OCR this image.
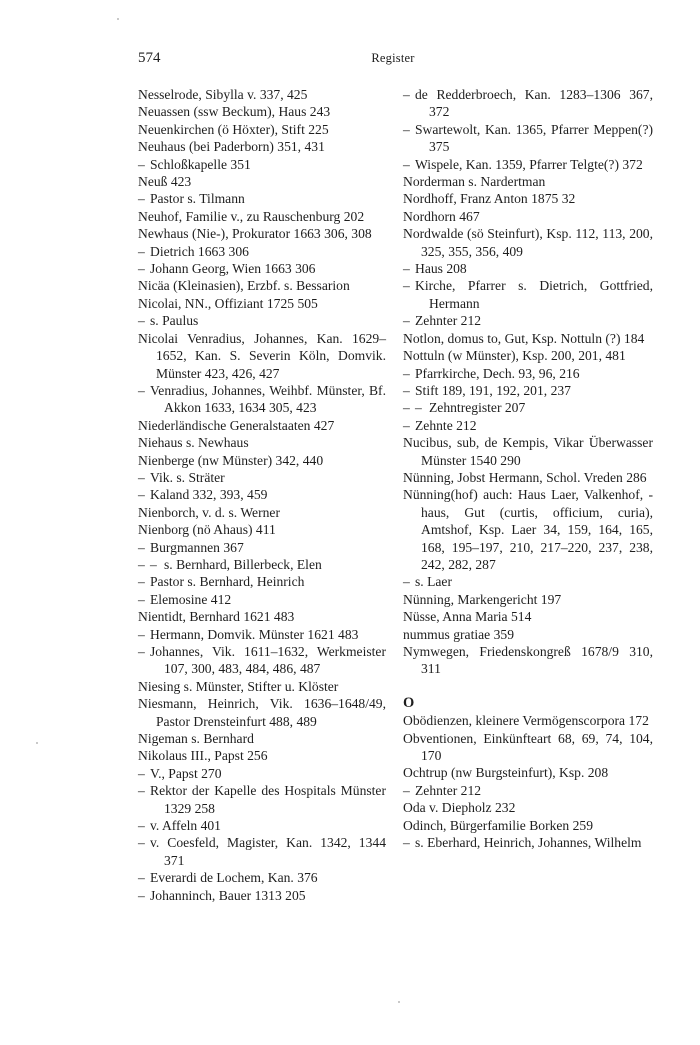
574	Register
Nesselrode, Sibylla v. 337, 425
Neuassen (ssw Beckum), Haus 243
Neuenkirchen (ö Höxter), Stift 225
Neuhaus (bei Paderborn) 351, 431
– Schloßkapelle 351
Neuß 423
– Pastor s. Tilmann
Neuhof, Familie v., zu Rauschenburg 202
Newhaus (Nie-), Prokurator 1663 306, 308
– Dietrich 1663 306
– Johann Georg, Wien 1663 306
Nicäa (Kleinasien), Erzbf. s. Bessarion
Nicolai, NN., Offiziant 1725 505
– s. Paulus
Nicolai Venradius, Johannes, Kan. 1629–1652, Kan. S. Severin Köln, Domvik. Münster 423, 426, 427
– Venradius, Johannes, Weihbf. Münster, Bf. Akkon 1633, 1634 305, 423
Niederländische Generalstaaten 427
Niehaus s. Newhaus
Nienberge (nw Münster) 342, 440
– Vik. s. Sträter
– Kaland 332, 393, 459
Nienborch, v. d. s. Werner
Nienborg (nö Ahaus) 411
– Burgmannen 367
– – s. Bernhard, Billerbeck, Elen
– Pastor s. Bernhard, Heinrich
– Elemosine 412
Nientidt, Bernhard 1621 483
– Hermann, Domvik. Münster 1621 483
– Johannes, Vik. 1611–1632, Werkmeister 107, 300, 483, 484, 486, 487
Niesing s. Münster, Stifter u. Klöster
Niesmann, Heinrich, Vik. 1636–1648/49, Pastor Drensteinfurt 488, 489
Nigeman s. Bernhard
Nikolaus III., Papst 256
– V., Papst 270
– Rektor der Kapelle des Hospitals Münster 1329 258
– v. Affeln 401
– v. Coesfeld, Magister, Kan. 1342, 1344 371
– Everardi de Lochem, Kan. 376
– Johanninch, Bauer 1313 205
– de Redderbroech, Kan. 1283–1306 367, 372
– Swartewolt, Kan. 1365, Pfarrer Meppen(?) 375
– Wispele, Kan. 1359, Pfarrer Telgte(?) 372
Norderman s. Nardertman
Nordhoff, Franz Anton 1875 32
Nordhorn 467
Nordwalde (sö Steinfurt), Ksp. 112, 113, 200, 325, 355, 356, 409
– Haus 208
– Kirche, Pfarrer s. Dietrich, Gottfried, Hermann
– Zehnter 212
Notlon, domus to, Gut, Ksp. Nottuln (?) 184
Nottuln (w Münster), Ksp. 200, 201, 481
– Pfarrkirche, Dech. 93, 96, 216
– Stift 189, 191, 192, 201, 237
– – Zehntregister 207
– Zehnte 212
Nucibus, sub, de Kempis, Vikar Überwasser Münster 1540 290
Nünning, Jobst Hermann, Schol. Vreden 286
Nünning(hof) auch: Haus Laer, Valkenhof, -haus, Gut (curtis, officium, curia), Amtshof, Ksp. Laer 34, 159, 164, 165, 168, 195–197, 210, 217–220, 237, 238, 242, 282, 287
– s. Laer
Nünning, Markengericht 197
Nüsse, Anna Maria 514
nummus gratiae 359
Nymwegen, Friedenskongreß 1678/9 310, 311
O
Obödienzen, kleinere Vermögenscorpora 172
Obventionen, Einkünfteart 68, 69, 74, 104, 170
Ochtrup (nw Burgsteinfurt), Ksp. 208
– Zehnter 212
Oda v. Diepholz 232
Odinch, Bürgerfamilie Borken 259
– s. Eberhard, Heinrich, Johannes, Wilhelm
